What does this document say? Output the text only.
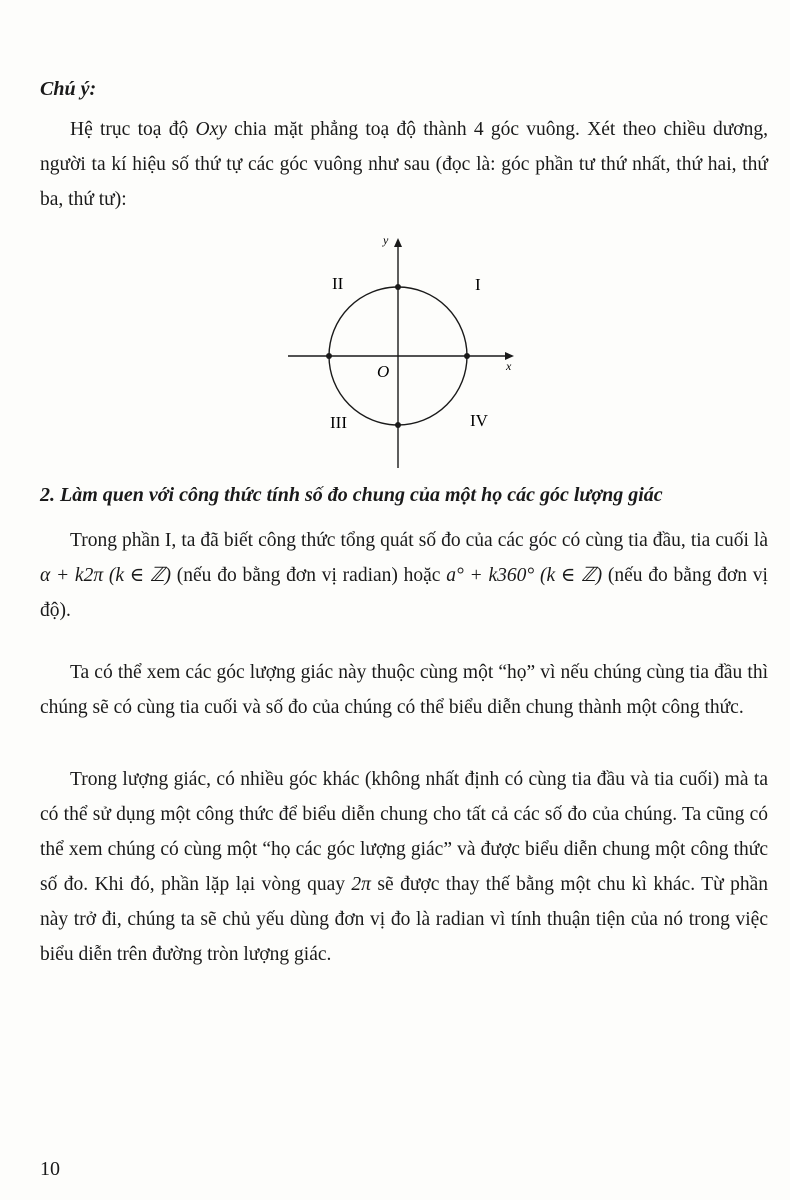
Chú ý:
Hệ trục toạ độ Oxy chia mặt phẳng toạ độ thành 4 góc vuông. Xét theo chiều dương, người ta kí hiệu số thứ tự các góc vuông như sau (đọc là: góc phần tư thứ nhất, thứ hai, thứ ba, thứ tư):
y
x
O
II	I
III	IV
2. Làm quen với công thức tính số đo chung của một họ các góc lượng giác
Trong phần I, ta đã biết công thức tổng quát số đo của các góc có cùng tia đầu, tia cuối là α + k2π (k ∈ ℤ) (nếu đo bằng đơn vị radian) hoặc a° + k360° (k ∈ ℤ) (nếu đo bằng đơn vị độ).
Ta có thể xem các góc lượng giác này thuộc cùng một “họ” vì nếu chúng cùng tia đầu thì chúng sẽ có cùng tia cuối và số đo của chúng có thể biểu diễn chung thành một công thức.
Trong lượng giác, có nhiều góc khác (không nhất định có cùng tia đầu và tia cuối) mà ta có thể sử dụng một công thức để biểu diễn chung cho tất cả các số đo của chúng. Ta cũng có thể xem chúng có cùng một “họ các góc lượng giác” và được biểu diễn chung một công thức số đo. Khi đó, phần lặp lại vòng quay 2π sẽ được thay thế bằng một chu kì khác. Từ phần này trở đi, chúng ta sẽ chủ yếu dùng đơn vị đo là radian vì tính thuận tiện của nó trong việc biểu diễn trên đường tròn lượng giác.
10
